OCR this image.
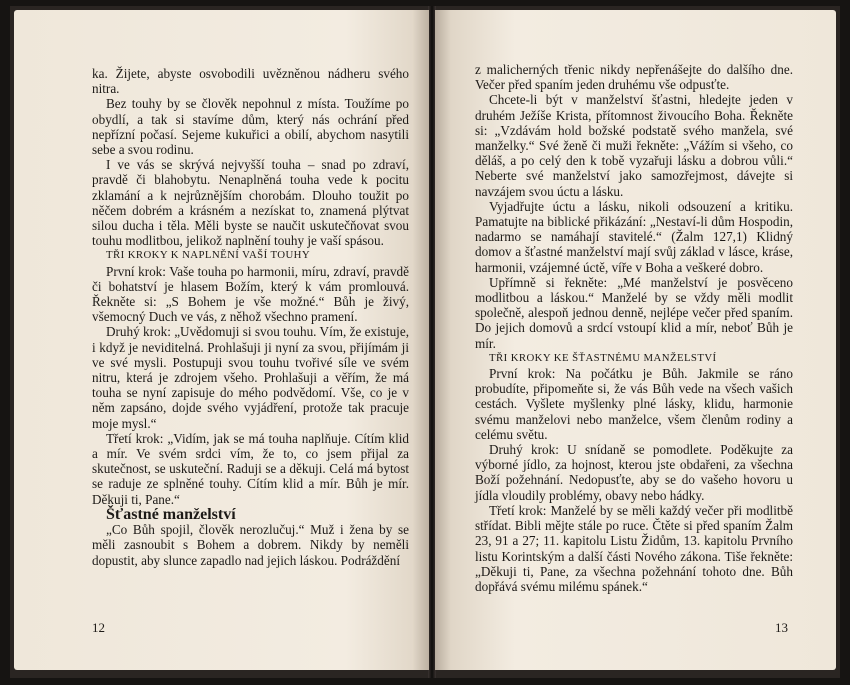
ka. Žijete, abyste osvobodili uvězněnou nádheru svého nitra.

Bez touhy by se člověk nepohnul z místa. Toužíme po obydlí, a tak si stavíme dům, který nás ochrání před nepřízní počasí. Sejeme kukuřici a obilí, abychom nasytili sebe a svou rodinu.

I ve vás se skrývá nejvyšší touha – snad po zdraví, pravdě či blahobytu. Nenaplněná touha vede k pocitu zklamání a k nejrůznějším chorobám. Dlouho toužit po něčem dobrém a krásném a nezískat to, znamená plýtvat silou ducha i těla. Měli byste se naučit uskutečňovat svou touhu modlitbou, jelikož naplnění touhy je vaší spásou.

TŘI KROKY K NAPLNĚNÍ VAŠÍ TOUHY

První krok: Vaše touha po harmonii, míru, zdraví, pravdě či bohatství je hlasem Božím, který k vám promlouvá. Řekněte si: „S Bohem je vše možné.“ Bůh je živý, všemocný Duch ve vás, z něhož všechno pramení.

Druhý krok: „Uvědomuji si svou touhu. Vím, že existuje, i když je neviditelná. Prohlašuji ji nyní za svou, přijímám ji ve své mysli. Postupuji svou touhu tvořivé síle ve svém nitru, která je zdrojem všeho. Prohlašuji a věřím, že má touha se nyní zapisuje do mého podvědomí. Vše, co je v něm zapsáno, dojde svého vyjádření, protože tak pracuje moje mysl.“

Třetí krok: „Vidím, jak se má touha naplňuje. Cítím klid a mír. Ve svém srdci vím, že to, co jsem přijal za skutečnost, se uskuteční. Raduji se a děkuji. Celá má bytost se raduje ze splněné touhy. Cítím klid a mír. Bůh je mír. Děkuji ti, Pane.“

Šťastné manželství

„Co Bůh spojil, člověk nerozlučuj.“ Muž i žena by se měli zasnoubit s Bohem a dobrem. Nikdy by neměli dopustit, aby slunce zapadlo nad jejich láskou. Podráždění

12

z malicherných třenic nikdy nepřenášejte do dalšího dne. Večer před spaním jeden druhému vše odpusťte.

Chcete-li být v manželství šťastni, hledejte jeden v druhém Ježíše Krista, přítomnost živoucího Boha. Řekněte si: „Vzdávám hold božské podstatě svého manžela, své manželky.“ Své ženě či muži řekněte: „Vážím si všeho, co děláš, a po celý den k tobě vyzařuji lásku a dobrou vůli.“ Neberte své manželství jako samozřejmost, dávejte si navzájem svou úctu a lásku.

Vyjadřujte úctu a lásku, nikoli odsouzení a kritiku. Pamatujte na biblické přikázání: „Nestaví-li dům Hospodin, nadarmo se namáhají stavitelé.“ (Žalm 127,1) Klidný domov a šťastné manželství mají svůj základ v lásce, kráse, harmonii, vzájemné úctě, víře v Boha a veškeré dobro.

Upřímně si řekněte: „Mé manželství je posvěceno modlitbou a láskou.“ Manželé by se vždy měli modlit společně, alespoň jednou denně, nejlépe večer před spaním. Do jejich domovů a srdcí vstoupí klid a mír, neboť Bůh je mír.

TŘI KROKY KE ŠŤASTNÉMU MANŽELSTVÍ

První krok: Na počátku je Bůh. Jakmile se ráno probudíte, připomeňte si, že vás Bůh vede na všech vašich cestách. Vyšlete myšlenky plné lásky, klidu, harmonie svému manželovi nebo manželce, všem členům rodiny a celému světu.

Druhý krok: U snídaně se pomodlete. Poděkujte za výborné jídlo, za hojnost, kterou jste obdařeni, za všechna Boží požehnání. Nedopusťte, aby se do vašeho hovoru u jídla vloudily problémy, obavy nebo hádky.

Třetí krok: Manželé by se měli každý večer při modlitbě střídat. Bibli mějte stále po ruce. Čtěte si před spaním Žalm 23, 91 a 27; 11. kapitolu Listu Židům, 13. kapitolu Prvního listu Korintským a další části Nového zákona. Tiše řekněte: „Děkuji ti, Pane, za všechna požehnání tohoto dne. Bůh dopřává svému milému spánek.“

13
